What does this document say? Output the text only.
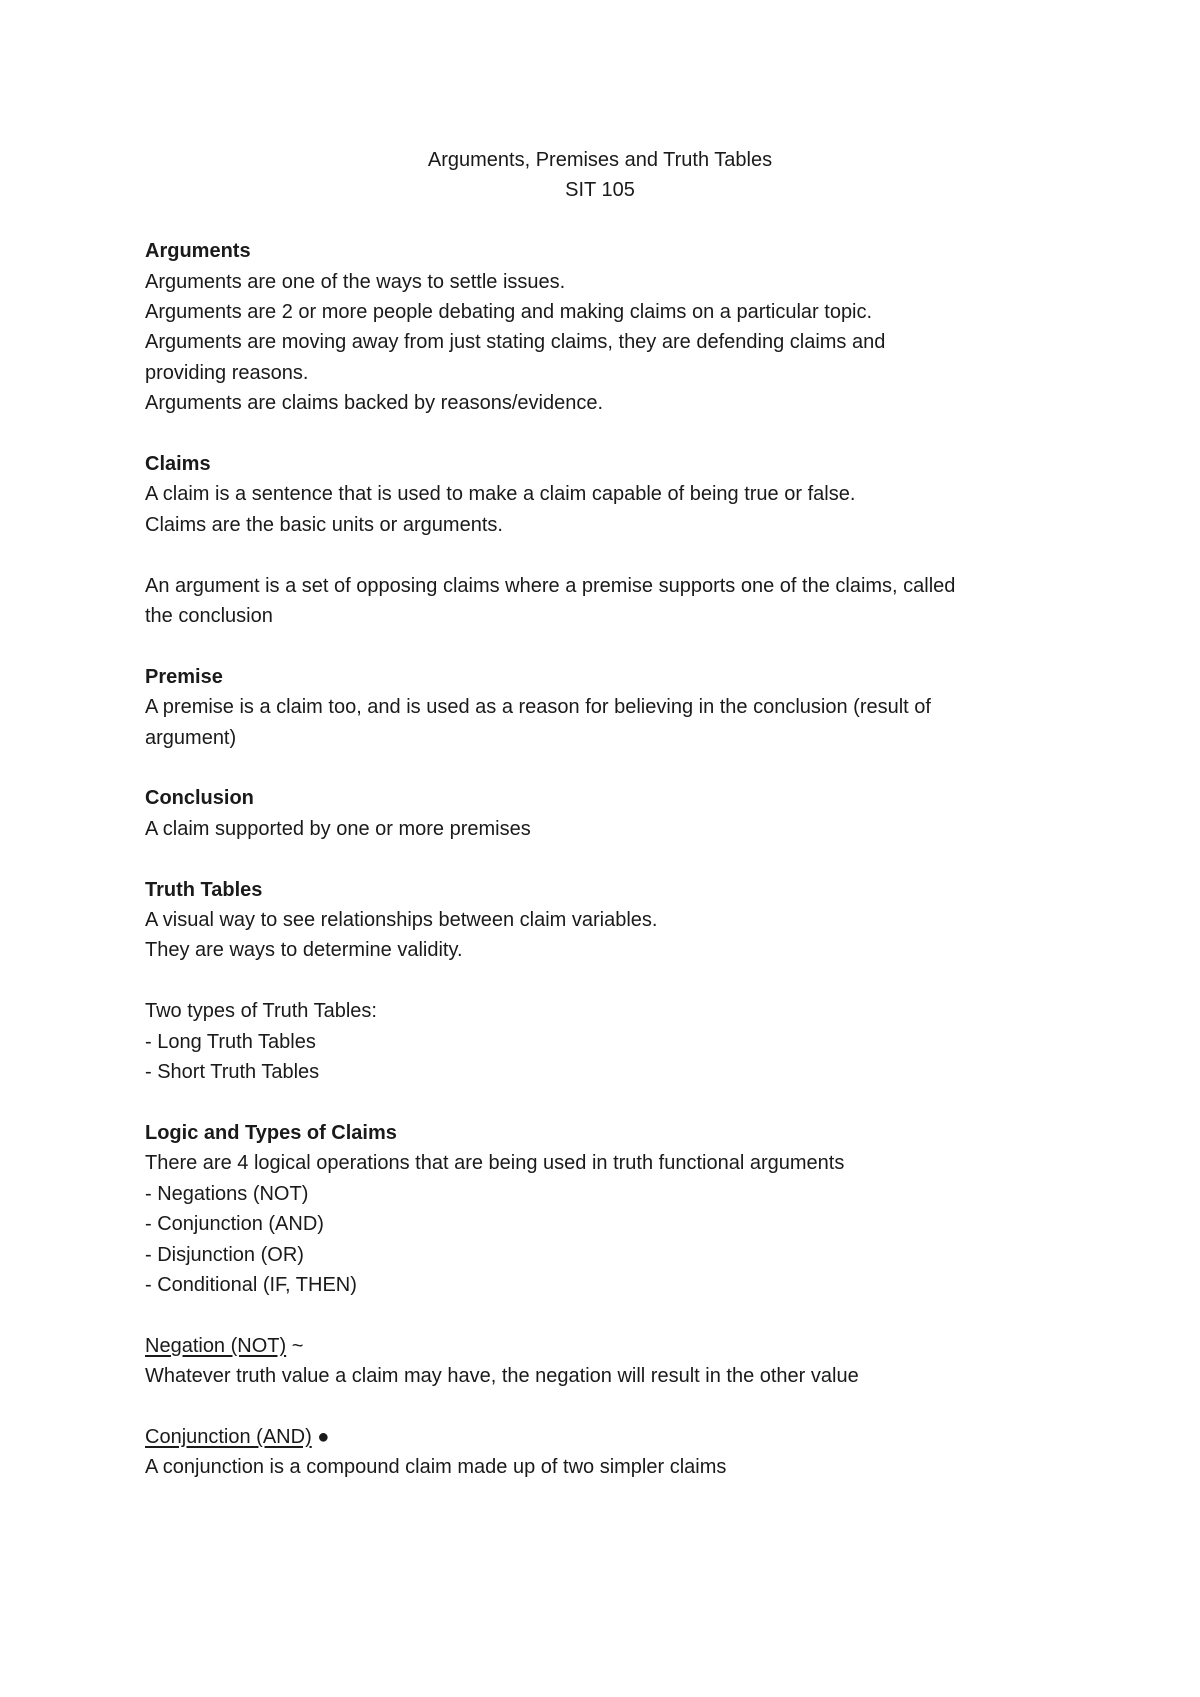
Arguments, Premises and Truth Tables
SIT 105
Arguments
Arguments are one of the ways to settle issues.
Arguments are 2 or more people debating and making claims on a particular topic.
Arguments are moving away from just stating claims, they are defending claims and
providing reasons.
Arguments are claims backed by reasons/evidence.
Claims
A claim is a sentence that is used to make a claim capable of being true or false.
Claims are the basic units or arguments.
An argument is a set of opposing claims where a premise supports one of the claims, called
the conclusion
Premise
A premise is a claim too, and is used as a reason for believing in the conclusion (result of
argument)
Conclusion
A claim supported by one or more premises
Truth Tables
A visual way to see relationships between claim variables.
They are ways to determine validity.
Two types of Truth Tables:
- Long Truth Tables
- Short Truth Tables
Logic and Types of Claims
There are 4 logical operations that are being used in truth functional arguments
- Negations (NOT)
- Conjunction (AND)
- Disjunction (OR)
- Conditional (IF, THEN)
Negation (NOT) ~
Whatever truth value a claim may have, the negation will result in the other value
Conjunction (AND) ●
A conjunction is a compound claim made up of two simpler claims
